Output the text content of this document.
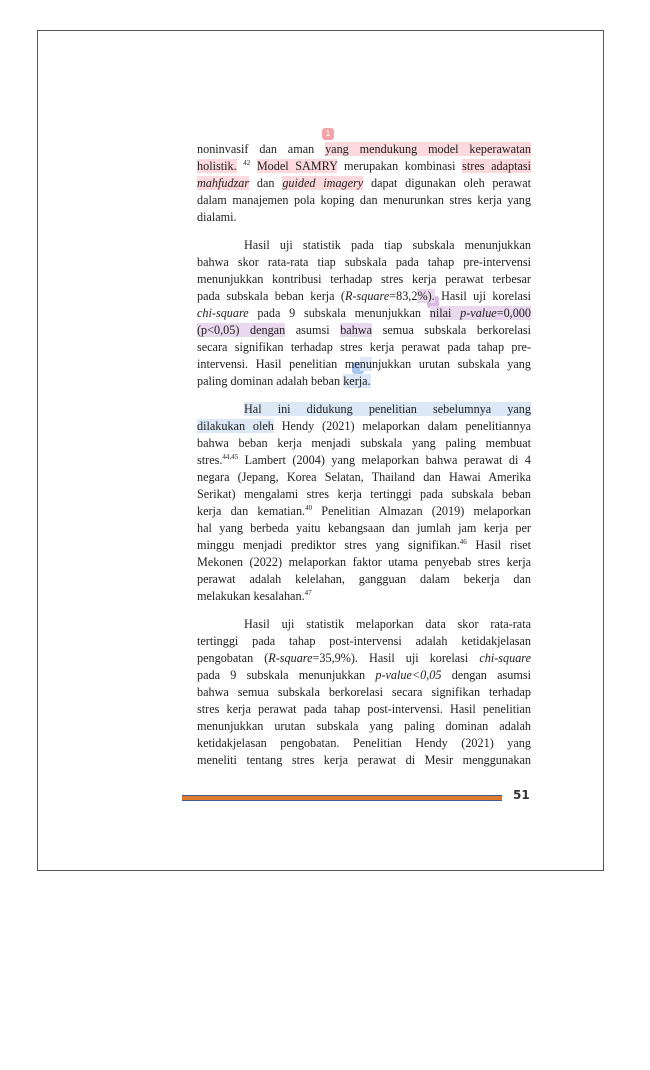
1
noninvasif dan aman yang mendukung model keperawatan
holistik. $^{42}$ Model SAMRY merupakan kombinasi stres adaptasi
mahfudzar dan guided imagery dapat digunakan oleh perawat
dalam manajemen pola koping dan menurunkan stres kerja yang
dialami.
Hasil uji statistik pada tiap subskala menunjukkan
bahwa skor rata-rata tiap subskala pada tahap pre-intervensi
menunjukkan kontribusi terhadap stres kerja perawat terbesar
pada subskala beban kerja (R-square=83,2%). Hasil uji korelasi
chi-square pada 9 subskala menunjukkan nilai p-value=0,000
(p<0,05) dengan asumsi bahwa semua subskala berkorelasi
secara signifikan terhadap stres kerja perawat pada tahap pre-
intervensi. Hasil penelitian menunjukkan urutan subskala yang
paling dominan adalah beban kerja.
Hal ini didukung penelitian sebelumnya yang
dilakukan oleh Hendy (2021) melaporkan dalam penelitiannya
bahwa beban kerja menjadi subskala yang paling membuat
stres.$^{44,45}$ Lambert (2004) yang melaporkan bahwa perawat di 4
negara (Jepang, Korea Selatan, Thailand dan Hawai Amerika
Serikat) mengalami stres kerja tertinggi pada subskala beban
kerja dan kematian.$^{40}$ Penelitian Almazan (2019) melaporkan
hal yang berbeda yaitu kebangsaan dan jumlah jam kerja per
minggu menjadi prediktor stres yang signifikan.$^{46}$ Hasil riset
Mekonen (2022) melaporkan faktor utama penyebab stres kerja
perawat adalah kelelahan, gangguan dalam bekerja dan
melakukan kesalahan.$^{47}$
Hasil uji statistik melaporkan data skor rata-rata
tertinggi pada tahap post-intervensi adalah ketidakjelasan
pengobatan (R-square=35,9%). Hasil uji korelasi chi-square
pada 9 subskala menunjukkan p-value<0,05 dengan asumsi
bahwa semua subskala berkorelasi secara signifikan terhadap
stres kerja perawat pada tahap post-intervensi. Hasil penelitian
menunjukkan urutan subskala yang paling dominan adalah
ketidakjelasan pengobatan. Penelitian Hendy (2021) yang
meneliti tentang stres kerja perawat di Mesir menggunakan
51
